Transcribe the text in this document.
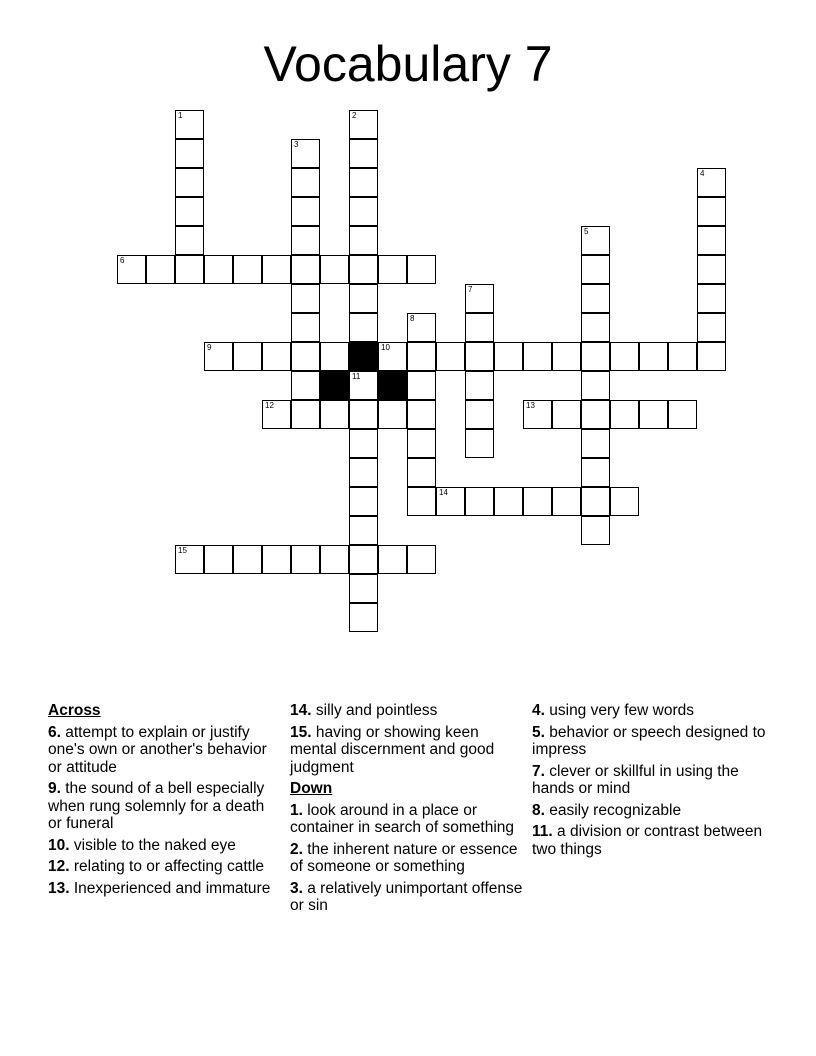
Vocabulary 7
1	2
11
3
4
5
6
7
8
9	10
12	13
14
15
Across
6. attempt to explain or justify one's own or another's behavior or attitude
9. the sound of a bell especially when rung solemnly for a death or funeral
10. visible to the naked eye
12. relating to or affecting cattle
13. Inexperienced and immature
14. silly and pointless
15. having or showing keen mental discernment and good judgment
Down
1. look around in a place or container in search of something
2. the inherent nature or essence of someone or something
3. a relatively unimportant offense or sin
4. using very few words
5. behavior or speech designed to impress
7. clever or skillful in using the hands or mind
8. easily recognizable
11. a division or contrast between two things
